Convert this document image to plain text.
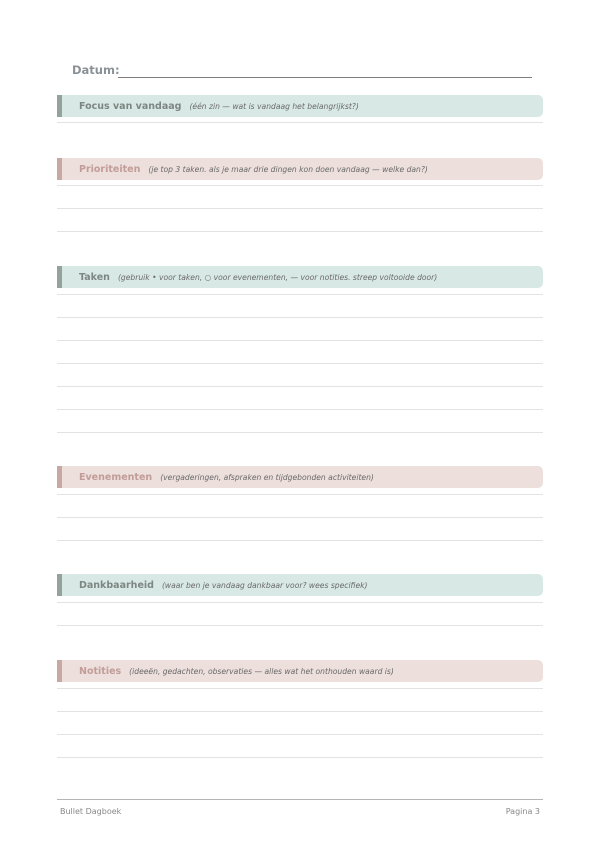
Datum:
Focus van vandaag (één zin — wat is vandaag het belangrijkst?)
Prioriteiten (je top 3 taken. als je maar drie dingen kon doen vandaag — welke dan?)
Taken (gebruik • voor taken, ○ voor evenementen, — voor notities. streep voltooide door)
Evenementen (vergaderingen, afspraken en tijdgebonden activiteiten)
Dankbaarheid (waar ben je vandaag dankbaar voor? wees specifiek)
Notities (ideeën, gedachten, observaties — alles wat het onthouden waard is)
Bullet Dagboek	Pagina 3
